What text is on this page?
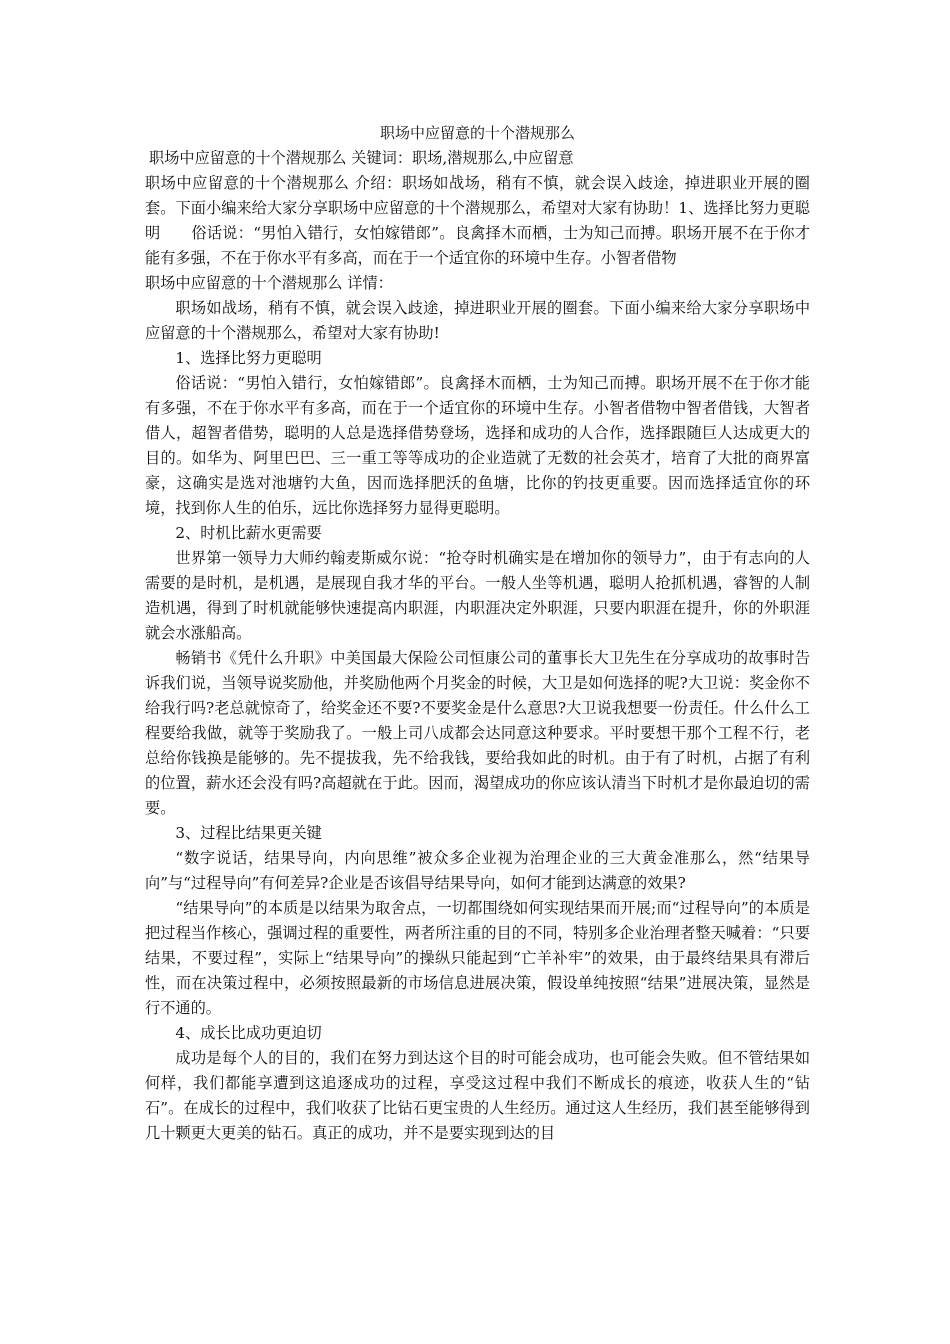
职场中应留意的十个潜规那么

职场中应留意的十个潜规那么 关键词：职场,潜规那么,中应留意

职场中应留意的十个潜规那么 介绍：职场如战场，稍有不慎，就会误入歧途，掉进职业开展的圈套。下面小编来给大家分享职场中应留意的十个潜规那么，希望对大家有协助！1、选择比努力更聪明　　俗话说：“男怕入错行，女怕嫁错郎”。良禽择木而栖，士为知己而搏。职场开展不在于你才能有多强，不在于你水平有多高，而在于一个适宜你的环境中生存。小智者借物

职场中应留意的十个潜规那么 详情：

职场如战场，稍有不慎，就会误入歧途，掉进职业开展的圈套。下面小编来给大家分享职场中应留意的十个潜规那么，希望对大家有协助!

1、选择比努力更聪明

俗话说：“男怕入错行，女怕嫁错郎”。良禽择木而栖，士为知己而搏。职场开展不在于你才能有多强，不在于你水平有多高，而在于一个适宜你的环境中生存。小智者借物中智者借钱，大智者借人，超智者借势，聪明的人总是选择借势登场，选择和成功的人合作，选择跟随巨人达成更大的目的。如华为、阿里巴巴、三一重工等等成功的企业造就了无数的社会英才，培育了大批的商界富豪，这确实是选对池塘钓大鱼，因而选择肥沃的鱼塘，比你的钓技更重要。因而选择适宜你的环境，找到你人生的伯乐，远比你选择努力显得更聪明。

2、时机比薪水更需要

世界第一领导力大师约翰麦斯威尔说：“抢夺时机确实是在增加你的领导力”，由于有志向的人需要的是时机，是机遇，是展现自我才华的平台。一般人坐等机遇，聪明人抢抓机遇，睿智的人制造机遇，得到了时机就能够快速提高内职涯，内职涯决定外职涯，只要内职涯在提升，你的外职涯就会水涨船高。

畅销书《凭什么升职》中美国最大保险公司恒康公司的董事长大卫先生在分享成功的故事时告诉我们说，当领导说奖励他，并奖励他两个月奖金的时候，大卫是如何选择的呢?大卫说：奖金你不给我行吗?老总就惊奇了，给奖金还不要?不要奖金是什么意思?大卫说我想要一份责任。什么什么工程要给我做，就等于奖励我了。一般上司八成都会达同意这种要求。平时要想干那个工程不行，老总给你钱换是能够的。先不提拔我，先不给我钱，要给我如此的时机。由于有了时机，占据了有利的位置，薪水还会没有吗?高超就在于此。因而，渴望成功的你应该认清当下时机才是你最迫切的需要。

3、过程比结果更关键

“数字说话，结果导向，内向思维”被众多企业视为治理企业的三大黄金准那么，然“结果导向”与“过程导向”有何差异?企业是否该倡导结果导向，如何才能到达满意的效果?

“结果导向”的本质是以结果为取舍点，一切都围绕如何实现结果而开展;而“过程导向”的本质是把过程当作核心，强调过程的重要性，两者所注重的目的不同，特别多企业治理者整天喊着：“只要结果，不要过程”，实际上“结果导向”的操纵只能起到“亡羊补牢”的效果，由于最终结果具有滞后性，而在决策过程中，必须按照最新的市场信息进展决策，假设单纯按照“结果”进展决策，显然是行不通的。

4、成长比成功更迫切

成功是每个人的目的，我们在努力到达这个目的时可能会成功，也可能会失败。但不管结果如何样，我们都能享遭到这追逐成功的过程，享受这过程中我们不断成长的痕迹，收获人生的“钻石”。在成长的过程中，我们收获了比钻石更宝贵的人生经历。通过这人生经历，我们甚至能够得到几十颗更大更美的钻石。真正的成功，并不是要实现到达的目
